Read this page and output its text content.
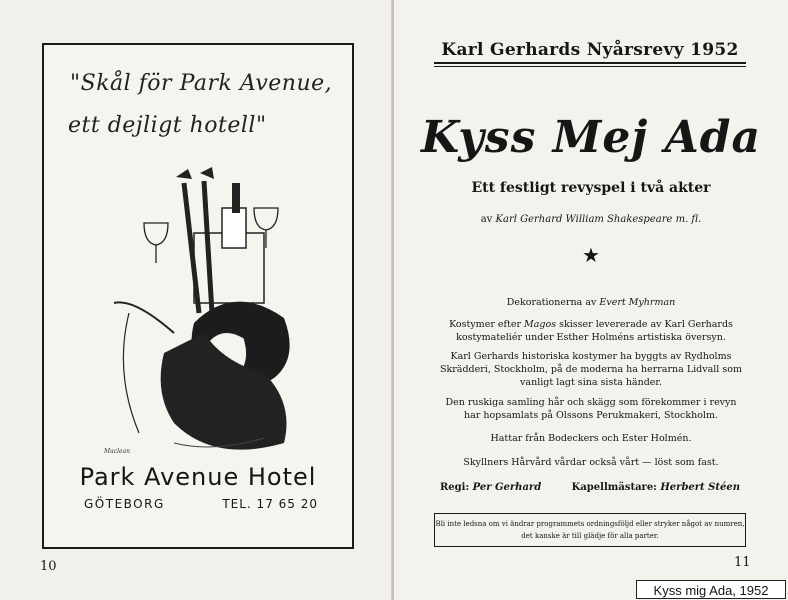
"Skål för Park Avenue,
ett dejligt hotell"
Maclean
Park Avenue Hotel
GÖTEBORG	TEL. 17 65 20
10
Karl Gerhards Nyårsrevy 1952
Kyss Mej Ada
Ett festligt revyspel i två akter
av Karl Gerhard William Shakespeare m. fl.
★
Dekorationerna av Evert Myhrman
Kostymer efter Magos skisser levererade av Karl Gerhards kostymateliér under Esther Holméns artistiska översyn.
Karl Gerhards historiska kostymer ha byggts av Rydholms Skrädderi, Stockholm, på de moderna ha herrarna Lidvall som vanligt lagt sina sista händer.
Den ruskiga samling hår och skägg som förekommer i revyn har hopsamlats på Olssons Perukmakeri, Stockholm.
Hattar från Bodeckers och Ester Holmén.
Skyllners Hårvård vårdar också vårt — löst som fast.
Regi: Per Gerhard	Kapellmästare: Herbert Stéen
Bli inte ledsna om vi ändrar programmets ordningsföljd eller stryker något av numren, det kanske är till glädje för alla parter.
11
Kyss mig Ada, 1952
